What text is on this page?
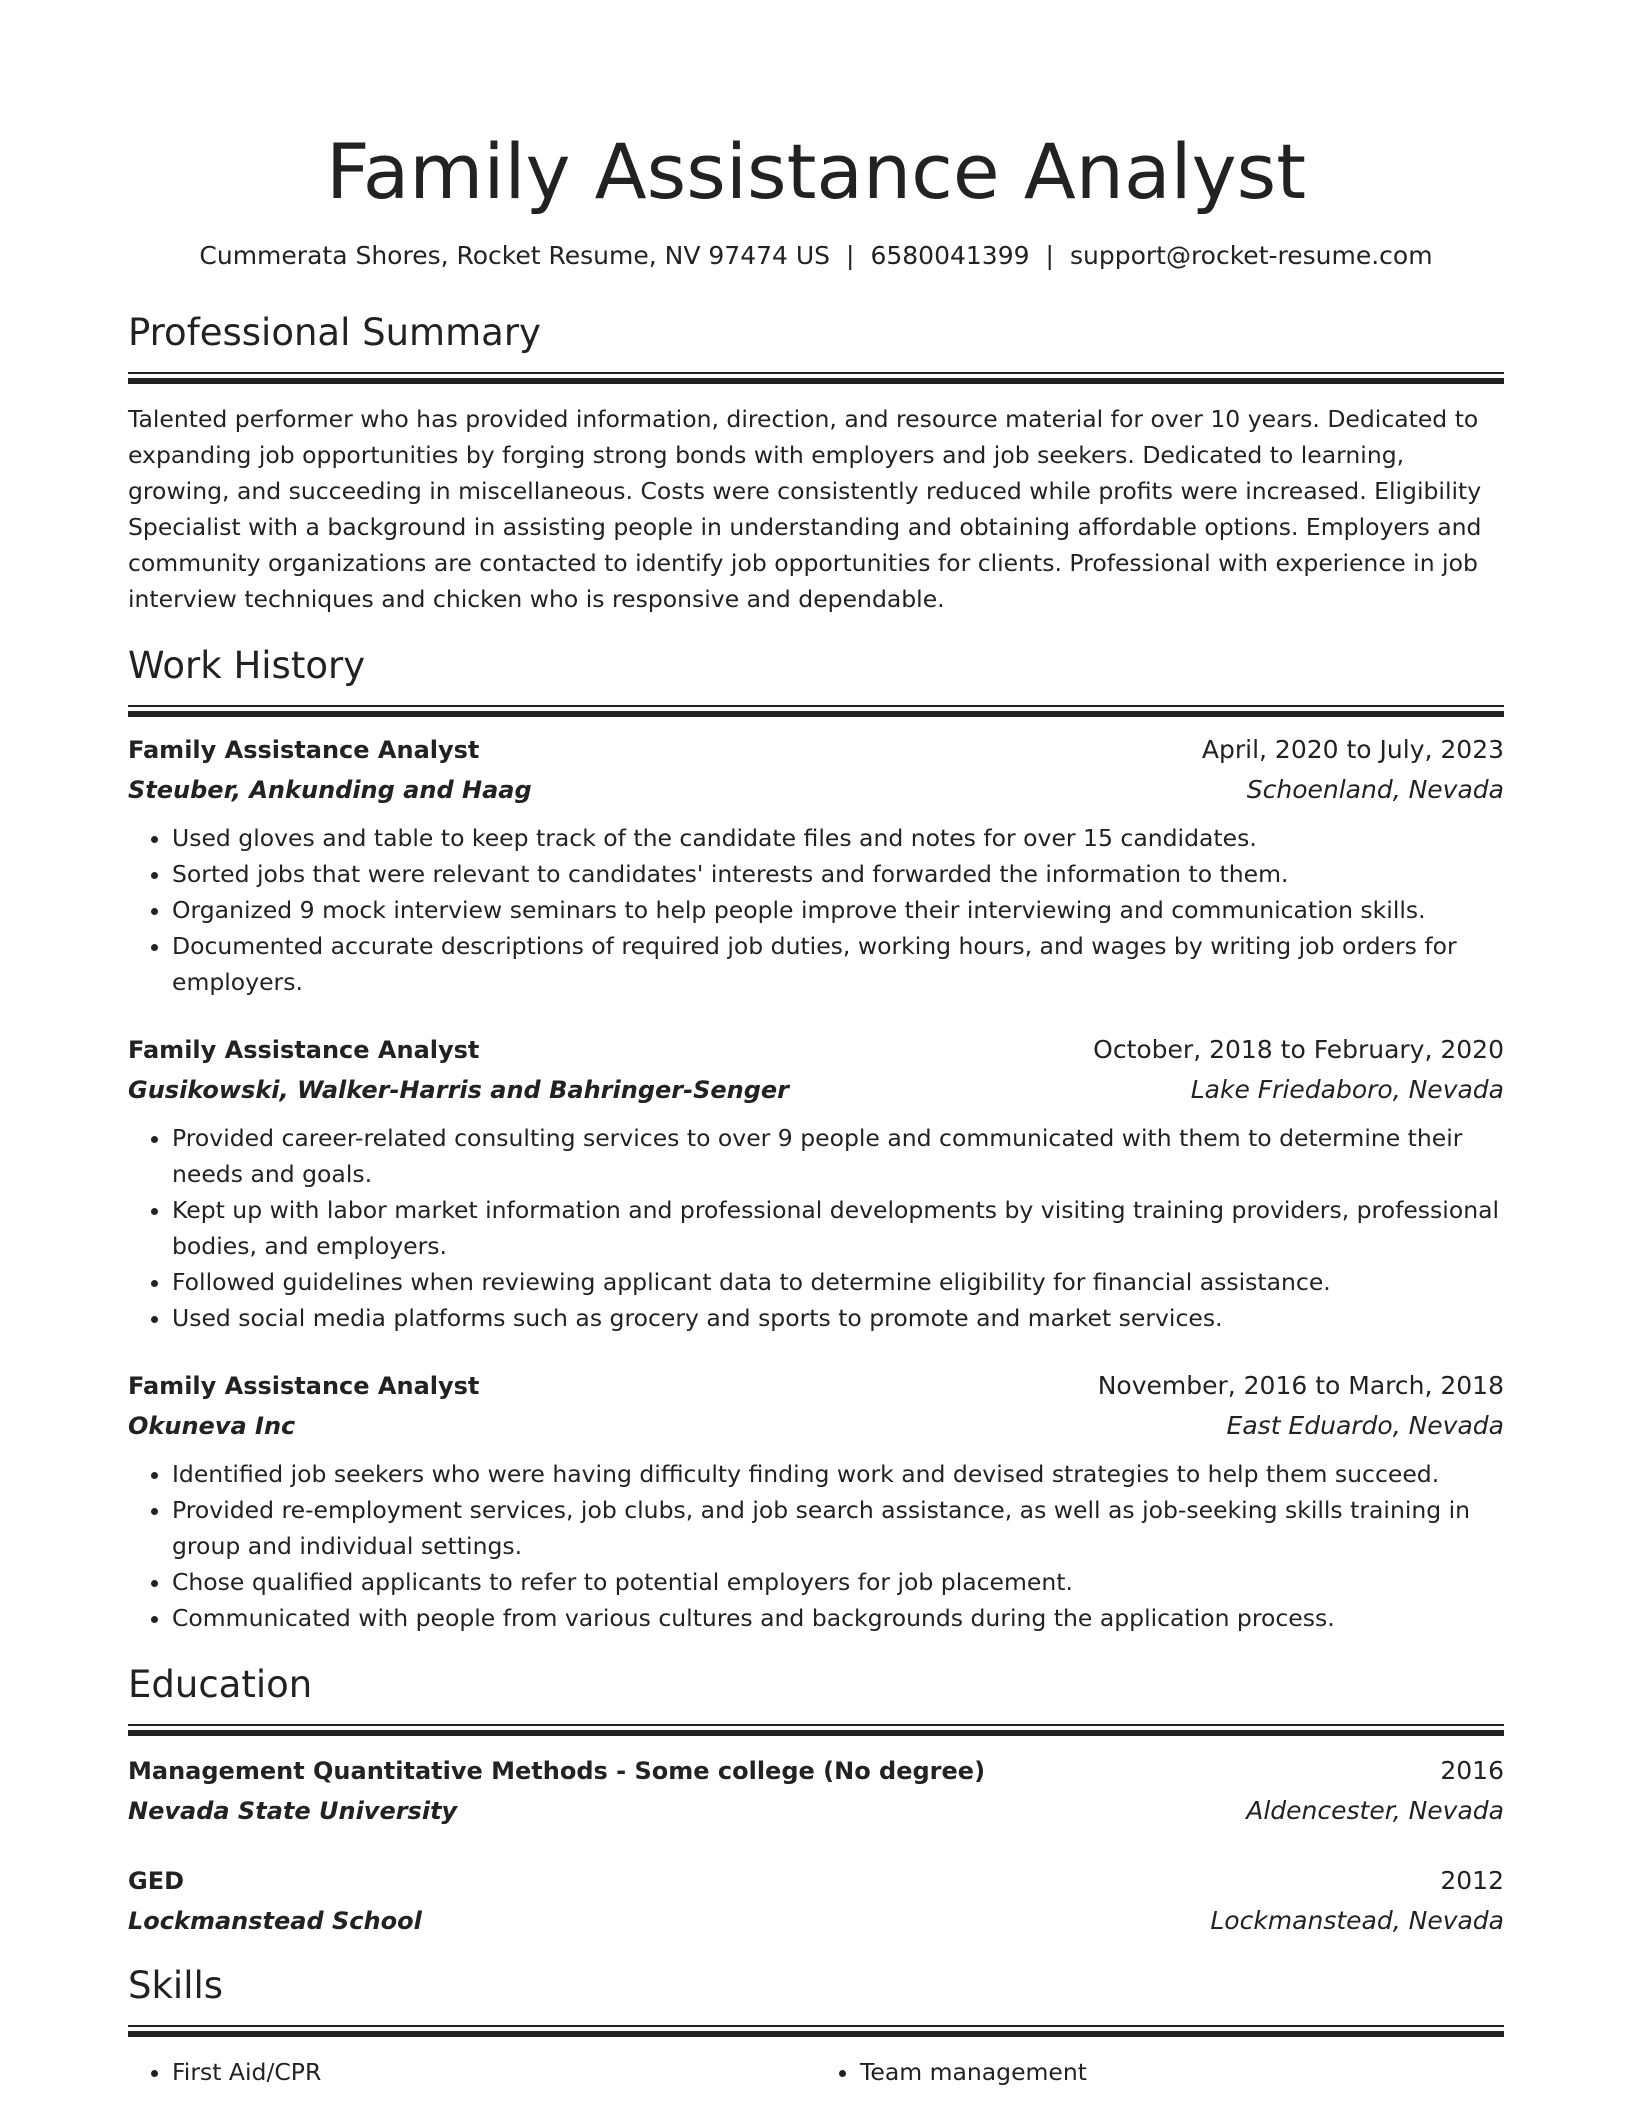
Family Assistance Analyst
Cummerata Shores, Rocket Resume, NV 97474 US | 6580041399 | support@rocket-resume.com
Professional Summary
Talented performer who has provided information, direction, and resource material for over 10 years. Dedicated to expanding job opportunities by forging strong bonds with employers and job seekers. Dedicated to learning, growing, and succeeding in miscellaneous. Costs were consistently reduced while profits were increased. Eligibility Specialist with a background in assisting people in understanding and obtaining affordable options. Employers and community organizations are contacted to identify job opportunities for clients. Professional with experience in job interview techniques and chicken who is responsive and dependable.
Work History
Family Assistance Analyst	April, 2020 to July, 2023
Steuber, Ankunding and Haag	Schoenland, Nevada
• Used gloves and table to keep track of the candidate files and notes for over 15 candidates.
• Sorted jobs that were relevant to candidates' interests and forwarded the information to them.
• Organized 9 mock interview seminars to help people improve their interviewing and communication skills.
• Documented accurate descriptions of required job duties, working hours, and wages by writing job orders for employers.
Family Assistance Analyst	October, 2018 to February, 2020
Gusikowski, Walker-Harris and Bahringer-Senger	Lake Friedaboro, Nevada
• Provided career-related consulting services to over 9 people and communicated with them to determine their needs and goals.
• Kept up with labor market information and professional developments by visiting training providers, professional bodies, and employers.
• Followed guidelines when reviewing applicant data to determine eligibility for financial assistance.
• Used social media platforms such as grocery and sports to promote and market services.
Family Assistance Analyst	November, 2016 to March, 2018
Okuneva Inc	East Eduardo, Nevada
• Identified job seekers who were having difficulty finding work and devised strategies to help them succeed.
• Provided re-employment services, job clubs, and job search assistance, as well as job-seeking skills training in group and individual settings.
• Chose qualified applicants to refer to potential employers for job placement.
• Communicated with people from various cultures and backgrounds during the application process.
Education
Management Quantitative Methods - Some college (No degree)	2016
Nevada State University	Aldencester, Nevada
GED	2012
Lockmanstead School	Lockmanstead, Nevada
Skills
• First Aid/CPR
•	Team management
